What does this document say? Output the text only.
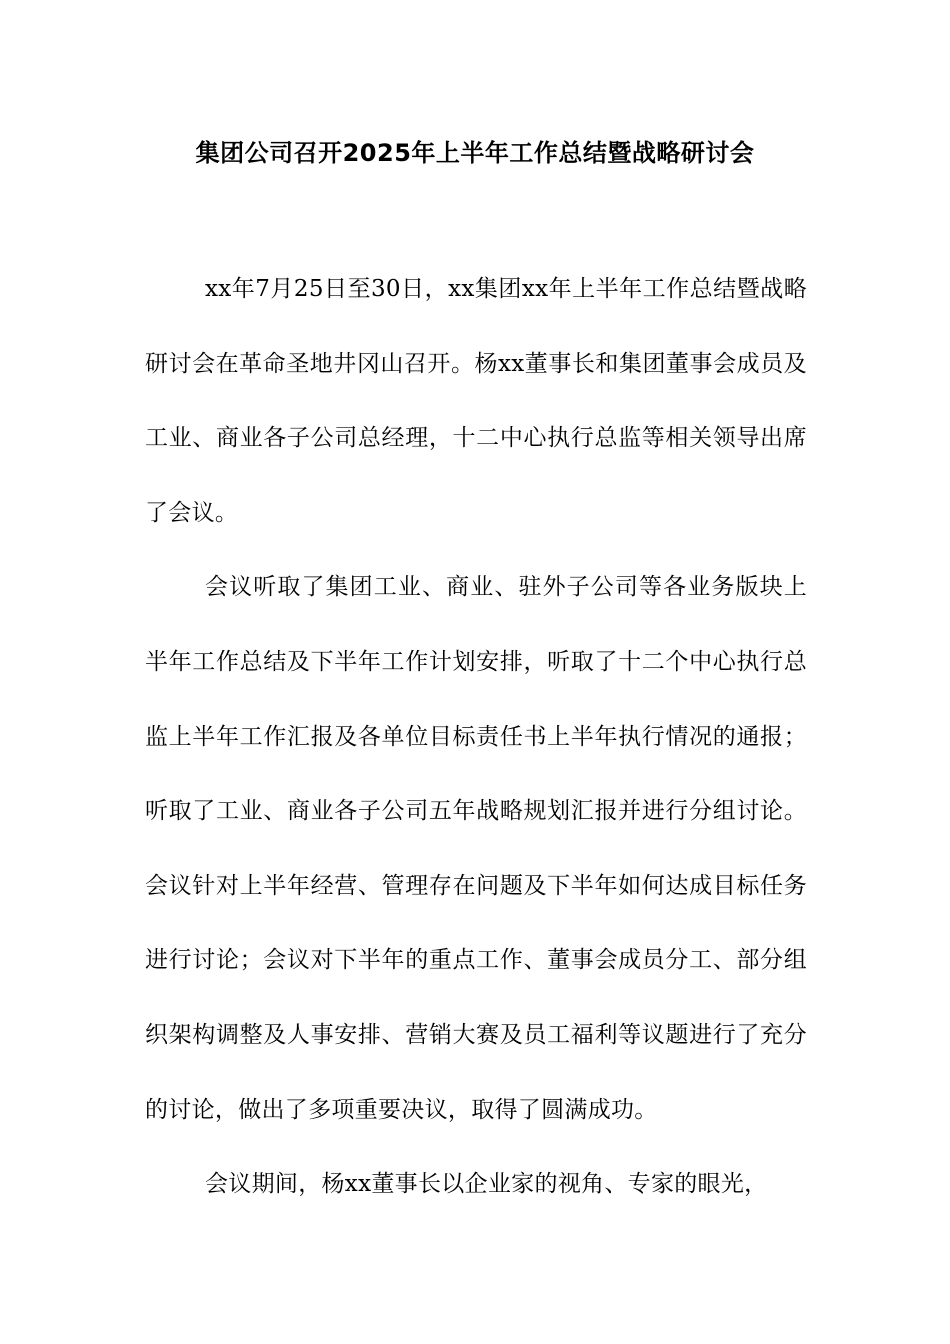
集团公司召开2025年上半年工作总结暨战略研讨会

xx年7月25日至30日，xx集团xx年上半年工作总结暨战略研讨会在革命圣地井冈山召开。杨xx董事长和集团董事会成员及工业、商业各子公司总经理，十二中心执行总监等相关领导出席了会议。

会议听取了集团工业、商业、驻外子公司等各业务版块上半年工作总结及下半年工作计划安排，听取了十二个中心执行总监上半年工作汇报及各单位目标责任书上半年执行情况的通报；听取了工业、商业各子公司五年战略规划汇报并进行分组讨论。会议针对上半年经营、管理存在问题及下半年如何达成目标任务进行讨论；会议对下半年的重点工作、董事会成员分工、部分组织架构调整及人事安排、营销大赛及员工福利等议题进行了充分的讨论，做出了多项重要决议，取得了圆满成功。

会议期间，杨xx董事长以企业家的视角、专家的眼光，
